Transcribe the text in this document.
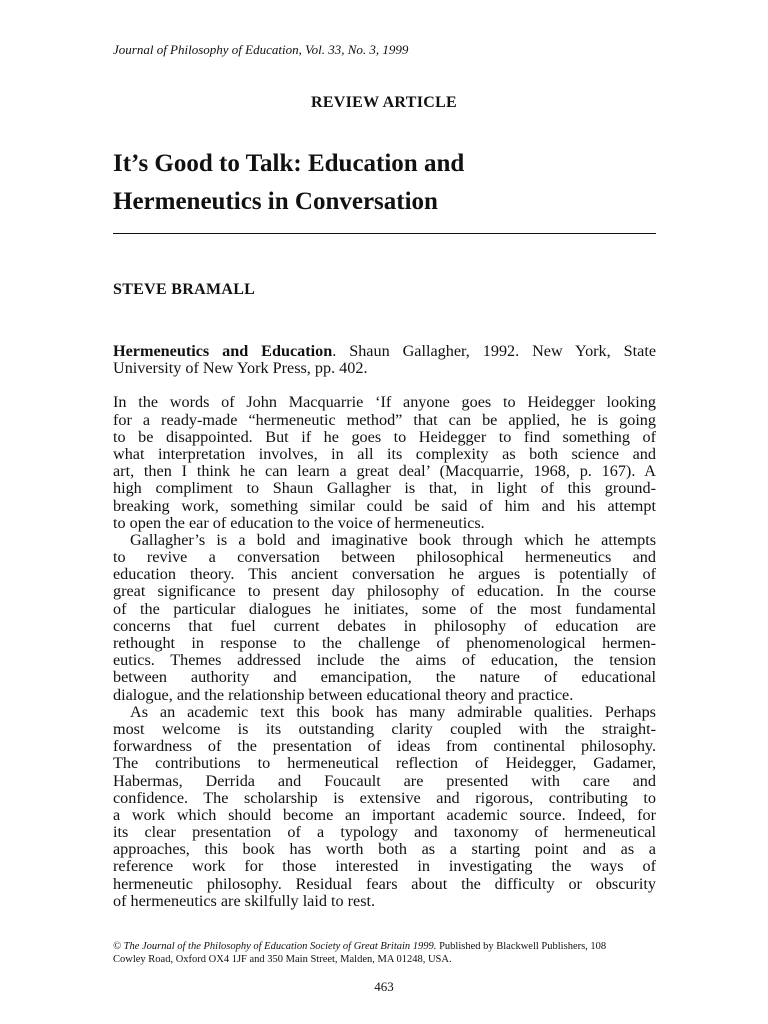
Journal of Philosophy of Education, Vol. 33, No. 3, 1999
REVIEW ARTICLE
It’s Good to Talk: Education and
Hermeneutics in Conversation
STEVE BRAMALL
Hermeneutics and Education. Shaun Gallagher, 1992. New York, State
University of New York Press, pp. 402.
In the words of John Macquarrie ‘If anyone goes to Heidegger looking
for a ready-made “hermeneutic method” that can be applied, he is going
to be disappointed. But if he goes to Heidegger to find something of
what interpretation involves, in all its complexity as both science and
art, then I think he can learn a great deal’ (Macquarrie, 1968, p. 167). A
high compliment to Shaun Gallagher is that, in light of this ground-
breaking work, something similar could be said of him and his attempt
to open the ear of education to the voice of hermeneutics.
Gallagher’s is a bold and imaginative book through which he attempts
to revive a conversation between philosophical hermeneutics and
education theory. This ancient conversation he argues is potentially of
great significance to present day philosophy of education. In the course
of the particular dialogues he initiates, some of the most fundamental
concerns that fuel current debates in philosophy of education are
rethought in response to the challenge of phenomenological hermen-
eutics. Themes addressed include the aims of education, the tension
between authority and emancipation, the nature of educational
dialogue, and the relationship between educational theory and practice.
As an academic text this book has many admirable qualities. Perhaps
most welcome is its outstanding clarity coupled with the straight-
forwardness of the presentation of ideas from continental philosophy.
The contributions to hermeneutical reflection of Heidegger, Gadamer,
Habermas, Derrida and Foucault are presented with care and
confidence. The scholarship is extensive and rigorous, contributing to
a work which should become an important academic source. Indeed, for
its clear presentation of a typology and taxonomy of hermeneutical
approaches, this book has worth both as a starting point and as a
reference work for those interested in investigating the ways of
hermeneutic philosophy. Residual fears about the difficulty or obscurity
of hermeneutics are skilfully laid to rest.
© The Journal of the Philosophy of Education Society of Great Britain 1999. Published by Blackwell Publishers, 108
Cowley Road, Oxford OX4 1JF and 350 Main Street, Malden, MA 01248, USA.
463
